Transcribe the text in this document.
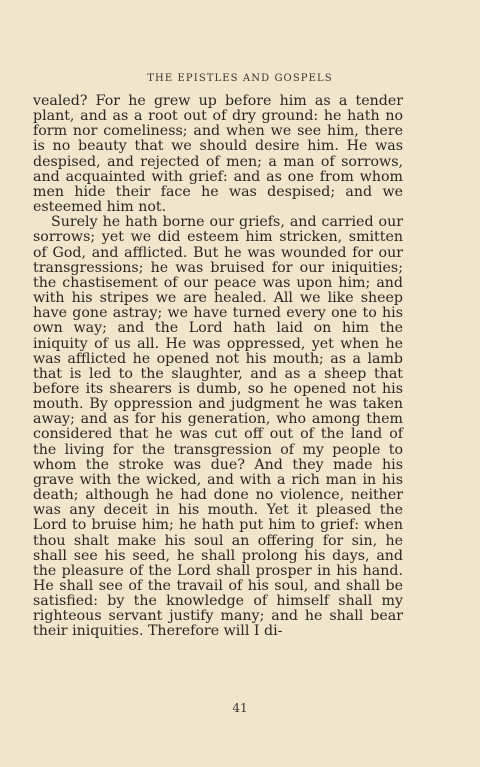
THE EPISTLES AND GOSPELS

vealed? For he grew up before him as a tender plant, and as a root out of dry ground: he hath no form nor comeliness; and when we see him, there is no beauty that we should desire him. He was despised, and rejected of men; a man of sorrows, and acquainted with grief: and as one from whom men hide their face he was despised; and we esteemed him not.

Surely he hath borne our griefs, and carried our sorrows; yet we did esteem him stricken, smitten of God, and afflicted. But he was wounded for our transgressions; he was bruised for our iniquities; the chastisement of our peace was upon him; and with his stripes we are healed. All we like sheep have gone astray; we have turned every one to his own way; and the Lord hath laid on him the iniquity of us all. He was oppressed, yet when he was afflicted he opened not his mouth; as a lamb that is led to the slaughter, and as a sheep that before its shearers is dumb, so he opened not his mouth. By oppression and judgment he was taken away; and as for his generation, who among them considered that he was cut off out of the land of the living for the transgression of my people to whom the stroke was due? And they made his grave with the wicked, and with a rich man in his death; although he had done no violence, neither was any deceit in his mouth. Yet it pleased the Lord to bruise him; he hath put him to grief: when thou shalt make his soul an offering for sin, he shall see his seed, he shall prolong his days, and the pleasure of the Lord shall prosper in his hand. He shall see of the travail of his soul, and shall be satisfied: by the knowledge of himself shall my righteous servant justify many; and he shall bear their iniquities. Therefore will I di-

41
